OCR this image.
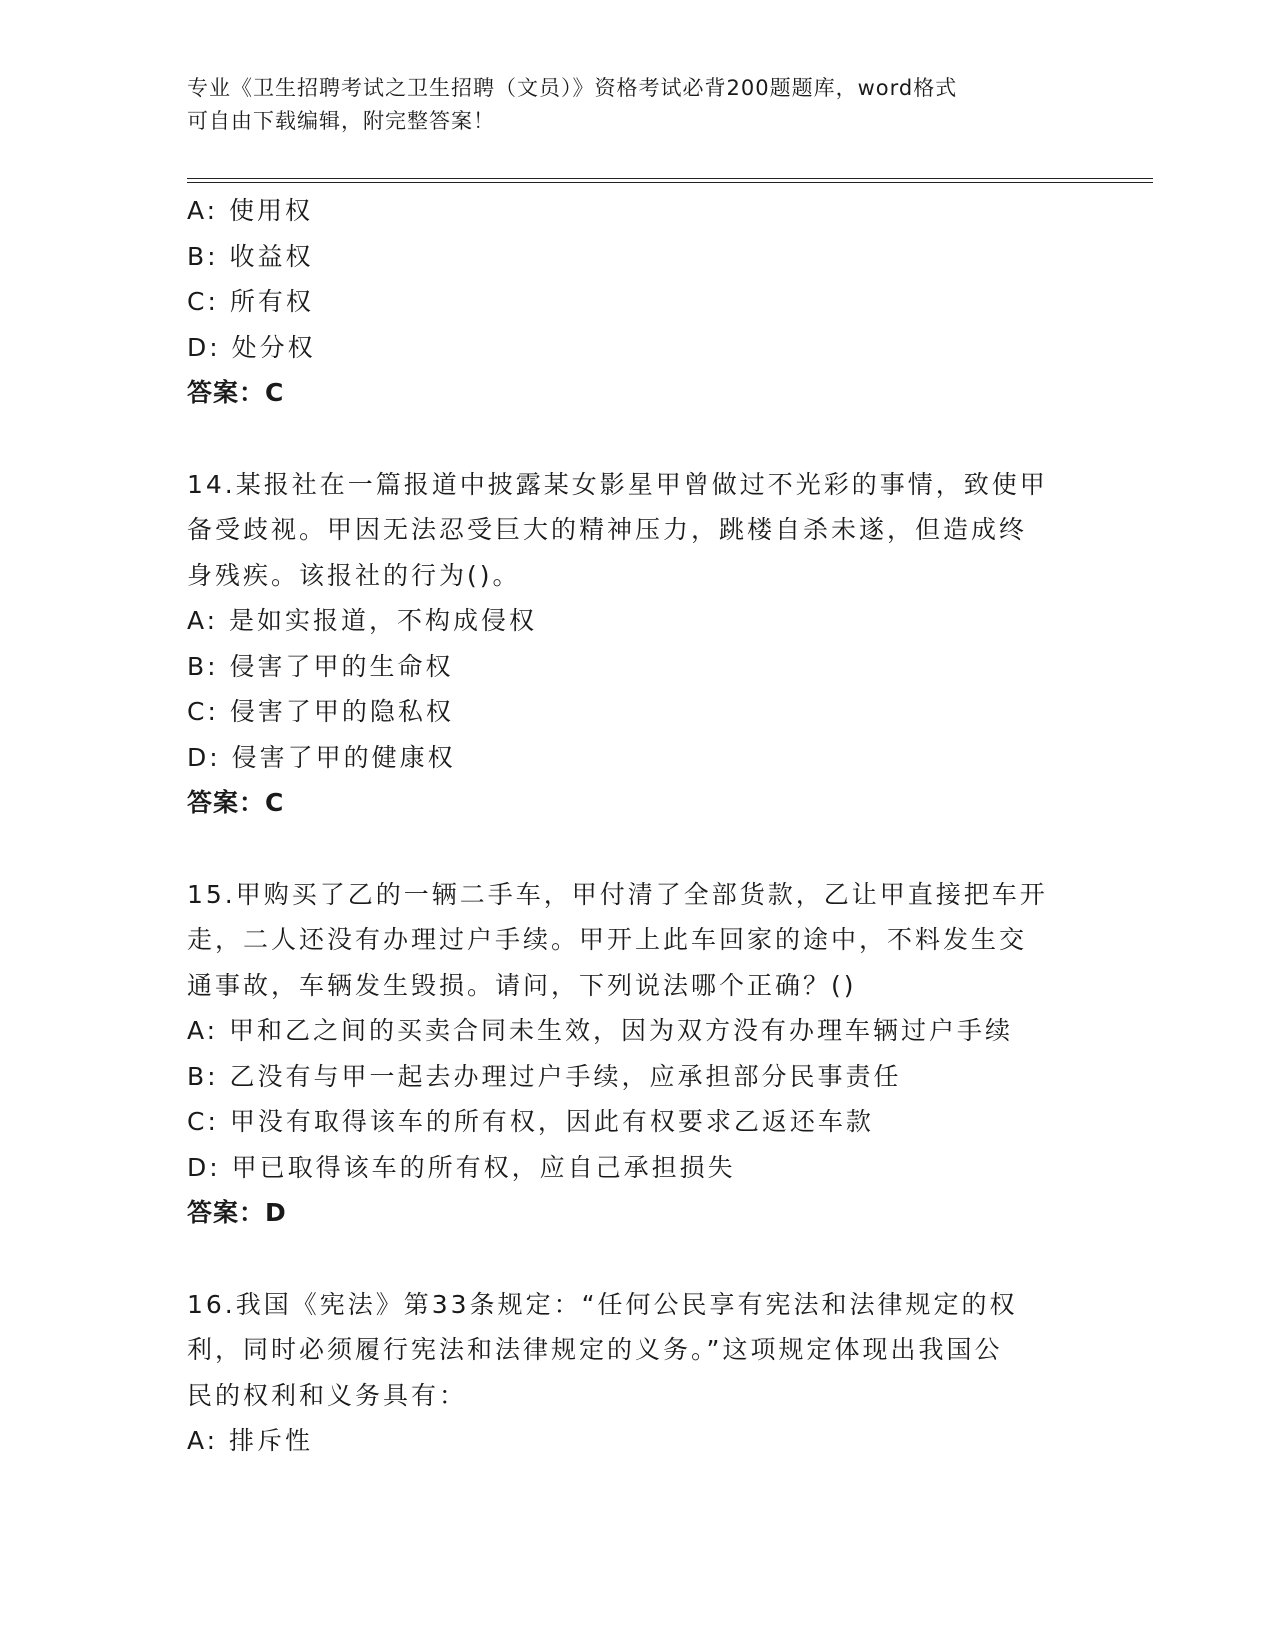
专业《卫生招聘考试之卫生招聘（文员）》资格考试必背200题题库，word格式
可自由下载编辑，附完整答案！
A: 使用权
B: 收益权
C: 所有权
D: 处分权
答案：C
14.某报社在一篇报道中披露某女影星甲曾做过不光彩的事情，致使甲
备受歧视。甲因无法忍受巨大的精神压力，跳楼自杀未遂，但造成终
身残疾。该报社的行为()。
A: 是如实报道，不构成侵权
B: 侵害了甲的生命权
C: 侵害了甲的隐私权
D: 侵害了甲的健康权
答案：C
15.甲购买了乙的一辆二手车，甲付清了全部货款，乙让甲直接把车开
走，二人还没有办理过户手续。甲开上此车回家的途中，不料发生交
通事故，车辆发生毁损。请问，下列说法哪个正确？()
A: 甲和乙之间的买卖合同未生效，因为双方没有办理车辆过户手续
B: 乙没有与甲一起去办理过户手续，应承担部分民事责任
C: 甲没有取得该车的所有权，因此有权要求乙返还车款
D: 甲已取得该车的所有权，应自己承担损失
答案：D
16.我国《宪法》第33条规定：“任何公民享有宪法和法律规定的权
利，同时必须履行宪法和法律规定的义务。”这项规定体现出我国公
民的权利和义务具有：
A: 排斥性
